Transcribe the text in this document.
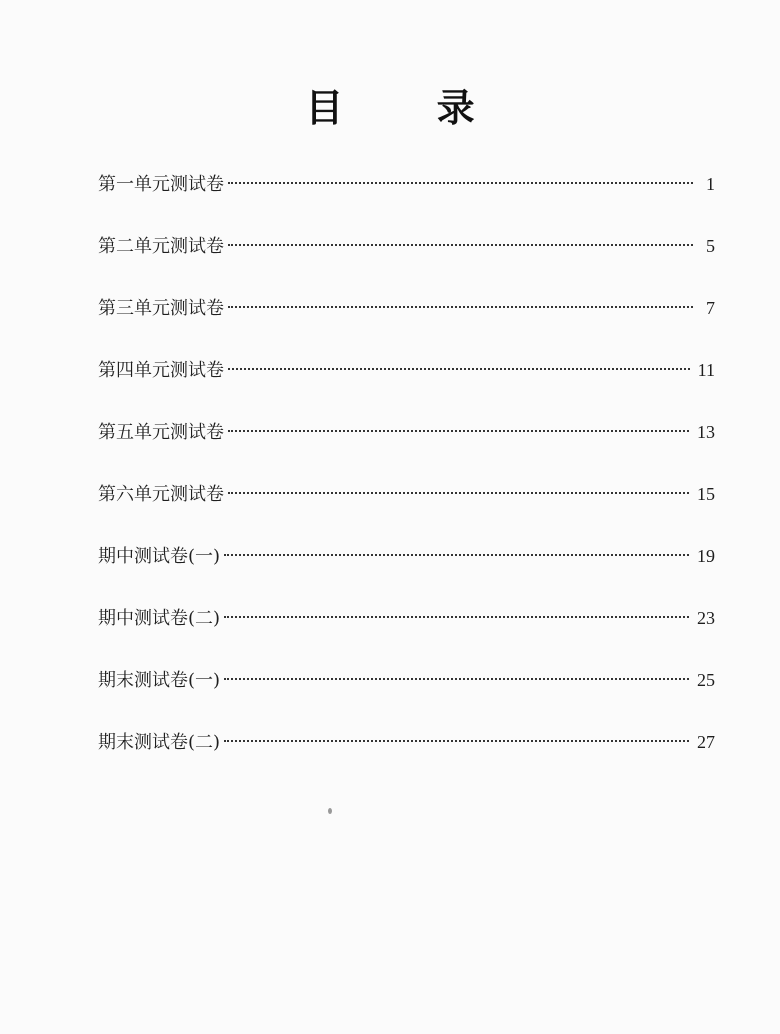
目 录
第一单元测试卷	1
第二单元测试卷	5
第三单元测试卷	7
第四单元测试卷	11
第五单元测试卷	13
第六单元测试卷	15
期中测试卷(一)	19
期中测试卷(二)	23
期末测试卷(一)	25
期末测试卷(二)	27
